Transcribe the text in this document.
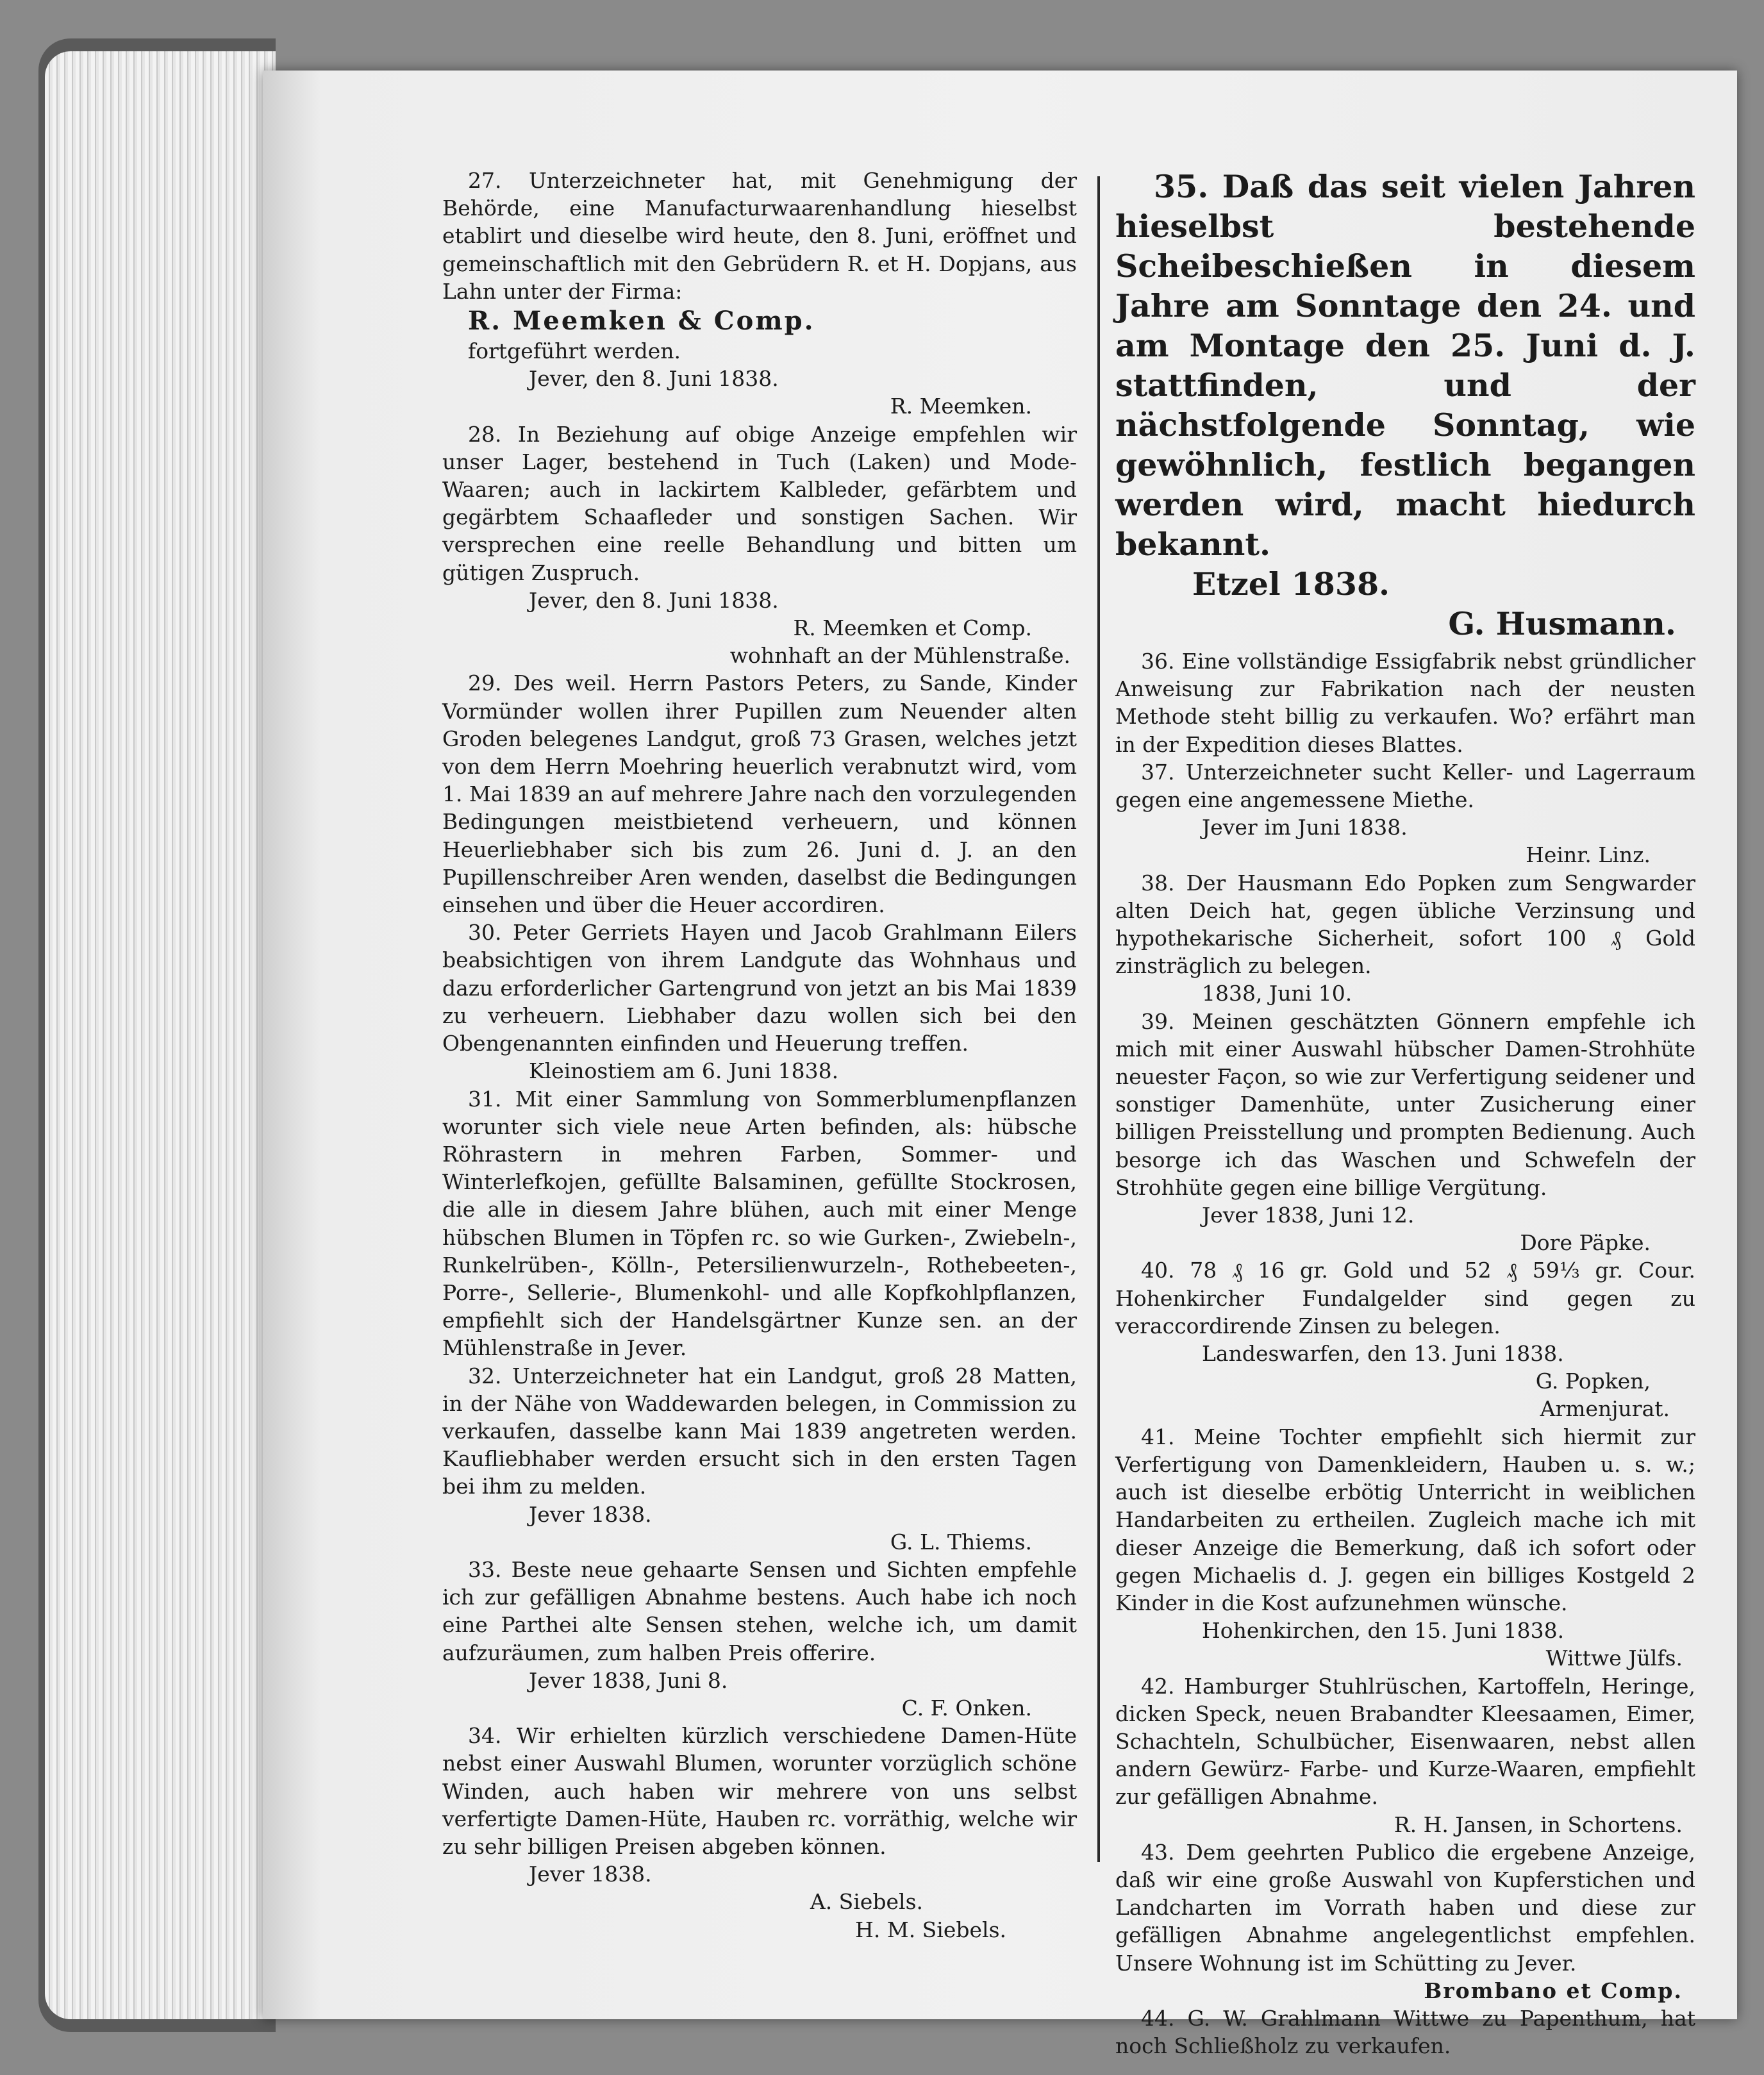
27. Unterzeichneter hat, mit Genehmigung der Behörde, eine Manufacturwaarenhandlung hieselbst etablirt und dieselbe wird heute, den 8. Juni, eröffnet und gemeinschaftlich mit den Gebrüdern R. et H. Dopjans, aus Lahn unter der Firma:

R. Meemken & Comp.

fortgeführt werden.

Jever, den 8. Juni 1838.

R. Meemken.

28. In Beziehung auf obige Anzeige empfehlen wir unser Lager, bestehend in Tuch (Laken) und Mode-Waaren; auch in lackirtem Kalbleder, gefärbtem und gegärbtem Schaafleder und sonstigen Sachen. Wir versprechen eine reelle Behandlung und bitten um gütigen Zuspruch.

Jever, den 8. Juni 1838.

R. Meemken et Comp.

wohnhaft an der Mühlenstraße.

29. Des weil. Herrn Pastors Peters, zu Sande, Kinder Vormünder wollen ihrer Pupillen zum Neuender alten Groden belegenes Landgut, groß 73 Grasen, welches jetzt von dem Herrn Moehring heuerlich verabnutzt wird, vom 1. Mai 1839 an auf mehrere Jahre nach den vorzulegenden Bedingungen meistbietend verheuern, und können Heuerliebhaber sich bis zum 26. Juni d. J. an den Pupillenschreiber Aren wenden, daselbst die Bedingungen einsehen und über die Heuer accordiren.

30. Peter Gerriets Hayen und Jacob Grahlmann Eilers beabsichtigen von ihrem Landgute das Wohnhaus und dazu erforderlicher Gartengrund von jetzt an bis Mai 1839 zu verheuern. Liebhaber dazu wollen sich bei den Obengenannten einfinden und Heuerung treffen.

Kleinostiem am 6. Juni 1838.

31. Mit einer Sammlung von Sommerblumenpflanzen worunter sich viele neue Arten befinden, als: hübsche Röhrastern in mehren Farben, Sommer- und Winterlefkojen, gefüllte Balsaminen, gefüllte Stockrosen, die alle in diesem Jahre blühen, auch mit einer Menge hübschen Blumen in Töpfen rc. so wie Gurken-, Zwiebeln-, Runkelrüben-, Kölln-, Petersilienwurzeln-, Rothebeeten-, Porre-, Sellerie-, Blumenkohl- und alle Kopfkohlpflanzen, empfiehlt sich der Handelsgärtner Kunze sen. an der Mühlenstraße in Jever.

32. Unterzeichneter hat ein Landgut, groß 28 Matten, in der Nähe von Waddewarden belegen, in Commission zu verkaufen, dasselbe kann Mai 1839 angetreten werden. Kaufliebhaber werden ersucht sich in den ersten Tagen bei ihm zu melden.

Jever 1838.

G. L. Thiems.

33. Beste neue gehaarte Sensen und Sichten empfehle ich zur gefälligen Abnahme bestens. Auch habe ich noch eine Parthei alte Sensen stehen, welche ich, um damit aufzuräumen, zum halben Preis offerire.

Jever 1838, Juni 8.

C. F. Onken.

34. Wir erhielten kürzlich verschiedene Damen-Hüte nebst einer Auswahl Blumen, worunter vorzüglich schöne Winden, auch haben wir mehrere von uns selbst verfertigte Damen-Hüte, Hauben rc. vorräthig, welche wir zu sehr billigen Preisen abgeben können.

Jever 1838.

A. Siebels.

H. M. Siebels.

35. Daß das seit vielen Jahren hieselbst bestehende Scheibeschießen in diesem Jahre am Sonntage den 24. und am Montage den 25. Juni d. J. stattfinden, und der nächstfolgende Sonntag, wie gewöhnlich, festlich begangen werden wird, macht hiedurch bekannt.

Etzel 1838.

G. Husmann.

36. Eine vollständige Essigfabrik nebst gründlicher Anweisung zur Fabrikation nach der neusten Methode steht billig zu verkaufen. Wo? erfährt man in der Expedition dieses Blattes.

37. Unterzeichneter sucht Keller- und Lagerraum gegen eine angemessene Miethe.

Jever im Juni 1838.

Heinr. Linz.

38. Der Hausmann Edo Popken zum Sengwarder alten Deich hat, gegen übliche Verzinsung und hypothekarische Sicherheit, sofort 100 ₰ Gold zinsträglich zu belegen.

1838, Juni 10.

39. Meinen geschätzten Gönnern empfehle ich mich mit einer Auswahl hübscher Damen-Strohhüte neuester Façon, so wie zur Verfertigung seidener und sonstiger Damenhüte, unter Zusicherung einer billigen Preisstellung und prompten Bedienung. Auch besorge ich das Waschen und Schwefeln der Strohhüte gegen eine billige Vergütung.

Jever 1838, Juni 12.

Dore Päpke.

40. 78 ₰ 16 gr. Gold und 52 ₰ 59⅓ gr. Cour. Hohenkircher Fundalgelder sind gegen zu veraccordirende Zinsen zu belegen.

Landeswarfen, den 13. Juni 1838.

G. Popken,

Armenjurat.

41. Meine Tochter empfiehlt sich hiermit zur Verfertigung von Damenkleidern, Hauben u. s. w.; auch ist dieselbe erbötig Unterricht in weiblichen Handarbeiten zu ertheilen. Zugleich mache ich mit dieser Anzeige die Bemerkung, daß ich sofort oder gegen Michaelis d. J. gegen ein billiges Kostgeld 2 Kinder in die Kost aufzunehmen wünsche.

Hohenkirchen, den 15. Juni 1838.

Wittwe Jülfs.

42. Hamburger Stuhlrüschen, Kartoffeln, Heringe, dicken Speck, neuen Brabandter Kleesaamen, Eimer, Schachteln, Schulbücher, Eisenwaaren, nebst allen andern Gewürz- Farbe- und Kurze-Waaren, empfiehlt zur gefälligen Abnahme.

R. H. Jansen, in Schortens.

43. Dem geehrten Publico die ergebene Anzeige, daß wir eine große Auswahl von Kupferstichen und Landcharten im Vorrath haben und diese zur gefälligen Abnahme angelegentlichst empfehlen. Unsere Wohnung ist im Schütting zu Jever.

Brombano et Comp.

44. G. W. Grahlmann Wittwe zu Papenthum, hat noch Schließholz zu verkaufen.
